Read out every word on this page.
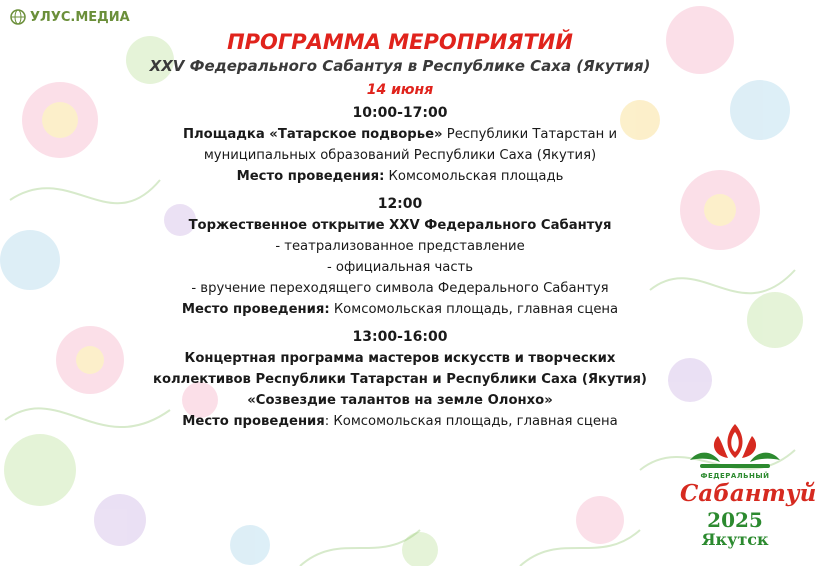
УЛУС.МЕДИА
ПРОГРАММА МЕРОПРИЯТИЙ
XXV Федерального Сабантуя в Республике Саха (Якутия)
14 июня
10:00-17:00
Площадка «Татарское подворье» Республики Татарстан и
муниципальных образований Республики Саха (Якутия)
Место проведения: Комсомольская площадь
12:00
Торжественное открытие XXV Федерального Сабантуя
- театрализованное представление
- официальная часть
- вручение переходящего символа Федерального Сабантуя
Место проведения: Комсомольская площадь, главная сцена
13:00-16:00
Концертная программа мастеров искусств и творческих
коллективов Республики Татарстан и Республики Саха (Якутия)
«Созвездие талантов на земле Олонхо»
Место проведения: Комсомольская площадь, главная сцена
ФЕДЕРАЛЬНЫЙ
Сабантуй
2025
Якутск
